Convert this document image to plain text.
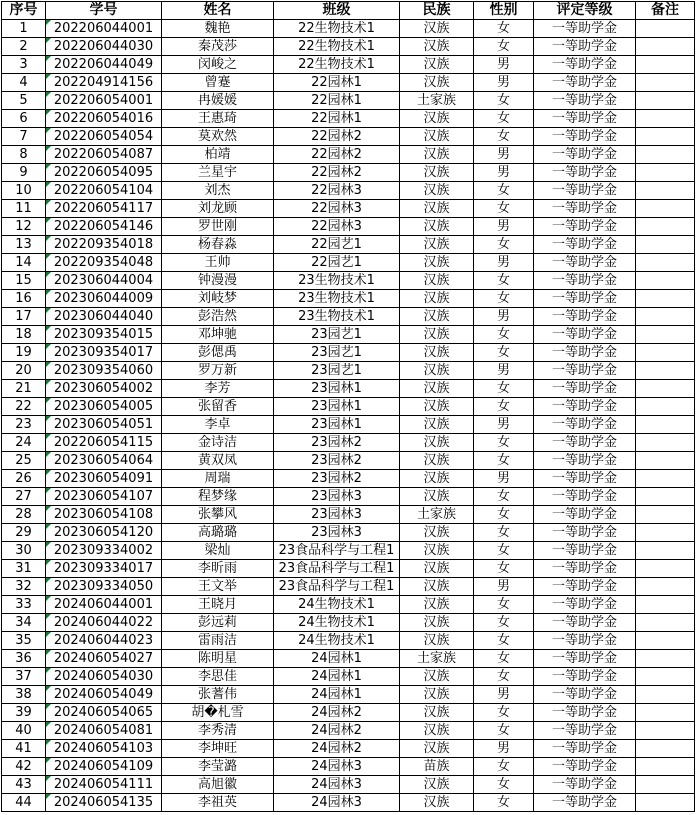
序号	学号	姓名	班级	民族	性别	评定等级	备注
1	202206044001	魏艳	22生物技术1	汉族	女	一等助学金	
2	202206044030	秦茂莎	22生物技术1	汉族	女	一等助学金	
3	202206044049	闵峻之	22生物技术1	汉族	男	一等助学金	
4	202204914156	曾蹇	22园林1	汉族	男	一等助学金	
5	202206054001	冉媛媛	22园林1	土家族	女	一等助学金	
6	202206054016	王惠琦	22园林1	汉族	女	一等助学金	
7	202206054054	莫欢然	22园林2	汉族	女	一等助学金	
8	202206054087	柏靖	22园林2	汉族	男	一等助学金	
9	202206054095	兰星宇	22园林2	汉族	男	一等助学金	
10	202206054104	刘杰	22园林3	汉族	女	一等助学金	
11	202206054117	刘龙顾	22园林3	汉族	女	一等助学金	
12	202206054146	罗世刚	22园林3	汉族	男	一等助学金	
13	202209354018	杨春淼	22园艺1	汉族	女	一等助学金	
14	202209354048	王帅	22园艺1	汉族	男	一等助学金	
15	202306044004	钟漫漫	23生物技术1	汉族	女	一等助学金	
16	202306044009	刘岐梦	23生物技术1	汉族	女	一等助学金	
17	202306044040	彭浩然	23生物技术1	汉族	男	一等助学金	
18	202309354015	邓坤驰	23园艺1	汉族	女	一等助学金	
19	202309354017	彭偲禹	23园艺1	汉族	女	一等助学金	
20	202309354060	罗万新	23园艺1	汉族	男	一等助学金	
21	202306054002	李芳	23园林1	汉族	女	一等助学金	
22	202306054005	张留香	23园林1	汉族	女	一等助学金	
23	202306054051	李卓	23园林1	汉族	男	一等助学金	
24	202206054115	金诗洁	23园林2	汉族	女	一等助学金	
25	202306054064	黄双凤	23园林2	汉族	女	一等助学金	
26	202306054091	周瑞	23园林2	汉族	男	一等助学金	
27	202306054107	程梦缘	23园林3	汉族	女	一等助学金	
28	202306054108	张攀风	23园林3	土家族	女	一等助学金	
29	202306054120	高璐璐	23园林3	汉族	女	一等助学金	
30	202309334002	梁灿	23食品科学与工程1	汉族	女	一等助学金	
31	202309334017	李昕雨	23食品科学与工程1	汉族	女	一等助学金	
32	202309334050	王文举	23食品科学与工程1	汉族	男	一等助学金	
33	202406044001	王晓月	24生物技术1	汉族	女	一等助学金	
34	202406044022	彭远莉	24生物技术1	汉族	女	一等助学金	
35	202406044023	雷雨洁	24生物技术1	汉族	女	一等助学金	
36	202406054027	陈明星	24园林1	土家族	女	一等助学金	
37	202406054030	李思佳	24园林1	汉族	女	一等助学金	
38	202406054049	张蓍伟	24园林1	汉族	男	一等助学金	
39	202406054065	胡�札雪	24园林2	汉族	女	一等助学金	
40	202406054081	李秀清	24园林2	汉族	女	一等助学金	
41	202406054103	李坤旺	24园林2	汉族	男	一等助学金	
42	202406054109	李莹潞	24园林3	苗族	女	一等助学金	
43	202406054111	高旭徽	24园林3	汉族	女	一等助学金	
44	202406054135	李祖英	24园林3	汉族	女	一等助学金	
